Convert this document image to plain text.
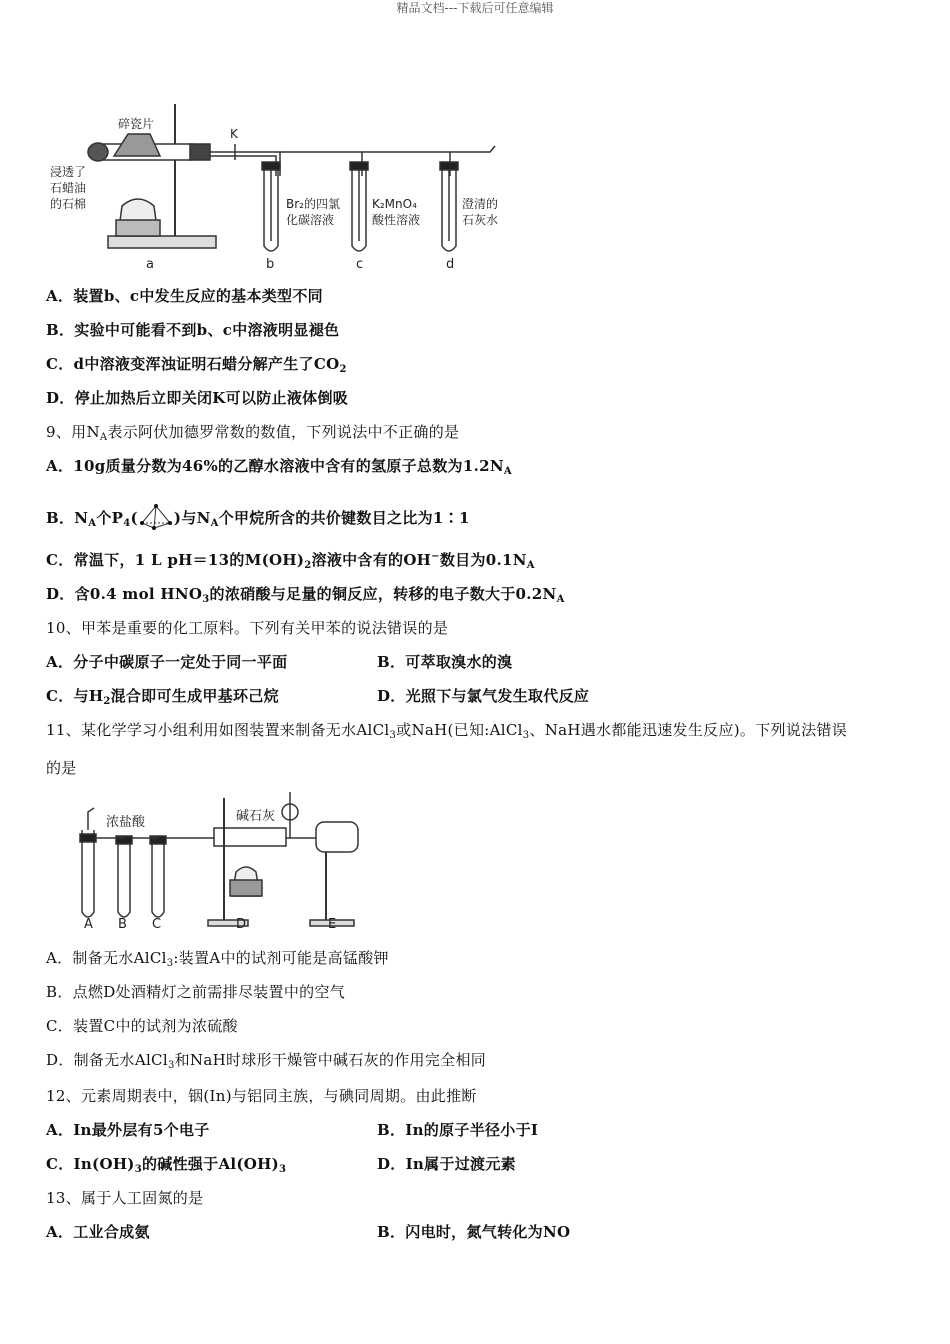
精品文档---下载后可任意编辑
碎瓷片
K
浸透了
石蜡油
的石棉	Br₂的四氯
化碳溶液
K₂MnO₄
酸性溶液
澄清的
石灰水
a	b	c	d
A．装置b、c中发生反应的基本类型不同
B．实验中可能看不到b、c中溶液明显褪色
C．d中溶液变浑浊证明石蜡分解产生了$CO_2$
D．停止加热后立即关闭K可以防止液体倒吸
9、用$N_A$表示阿伏加德罗常数的数值，下列说法中不正确的是
A．10g质量分数为46%的乙醇水溶液中含有的氢原子总数为$1.2N_A$
B．$N_A$个$P_4$( )与$N_A$个甲烷所含的共价键数目之比为1∶1
C．常温下，1 L pH＝13的$M(OH)_2$溶液中含有的OH−数目为$0.1N_A$
D．含0.4 mol $HNO_3$的浓硝酸与足量的铜反应，转移的电子数大于$0.2N_A$
10、甲苯是重要的化工原料。下列有关甲苯的说法错误的是
A．分子中碳原子一定处于同一平面	B．可萃取溴水的溴
C．与$H_2$混合即可生成甲基环己烷	D．光照下与氯气发生取代反应
11、某化学学习小组利用如图装置来制备无水AlCl$_3$或NaH(已知:AlCl$_3$、NaH遇水都能迅速发生反应)。下列说法错误
的是
浓盐酸	碱石灰
A B C	D	E
A．制备无水AlCl$_3$:装置A中的试剂可能是高锰酸钾
B．点燃D处酒精灯之前需排尽装置中的空气
C．装置C中的试剂为浓硫酸
D．制备无水AlCl$_3$和NaH时球形干燥管中碱石灰的作用完全相同
12、元素周期表中，铟(In)与铝同主族，与碘同周期。由此推断
A．In最外层有5个电子	B．In的原子半径小于I
C．$In(OH)_3$的碱性强于$Al(OH)_3$	D．In属于过渡元素
13、属于人工固氮的是
A．工业合成氨	B．闪电时，氮气转化为NO
